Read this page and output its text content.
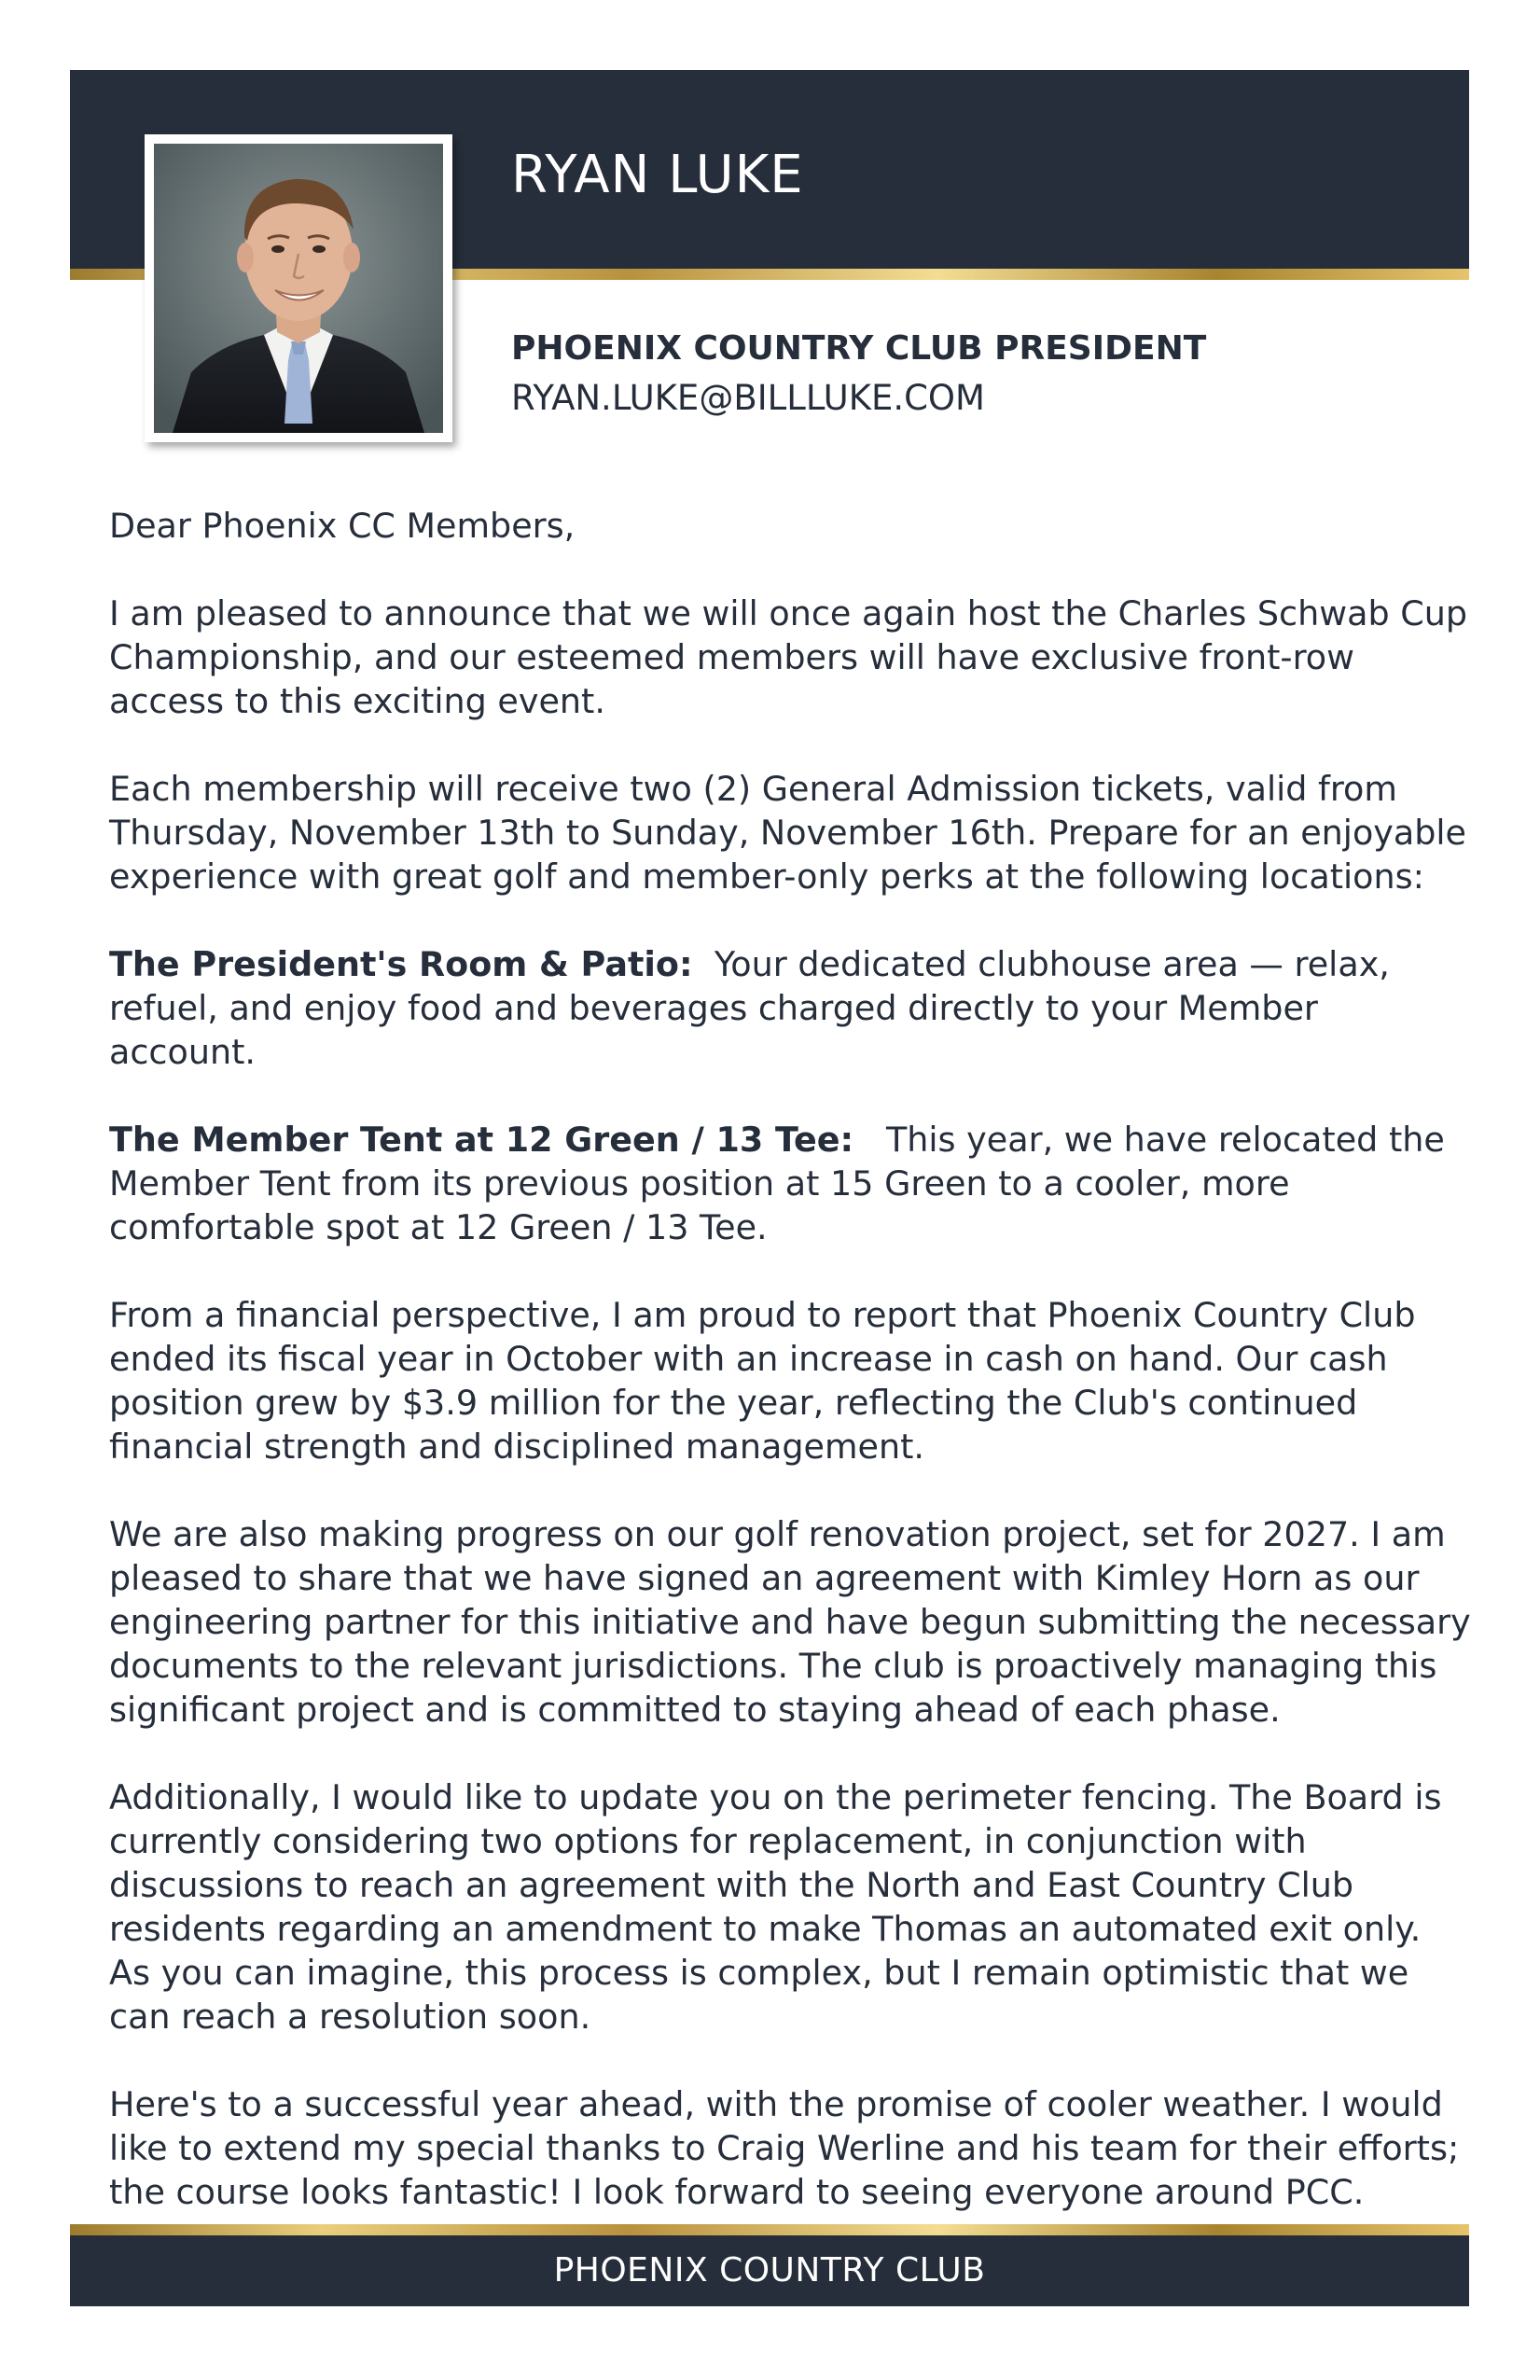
RYAN LUKE
PHOENIX COUNTRY CLUB PRESIDENT
RYAN.LUKE@BILLLUKE.COM

Dear Phoenix CC Members,

I am pleased to announce that we will once again host the Charles Schwab Cup Championship, and our esteemed members will have exclusive front-row access to this exciting event.

Each membership will receive two (2) General Admission tickets, valid from Thursday, November 13th to Sunday, November 16th. Prepare for an enjoyable experience with great golf and member-only perks at the following locations:

The President's Room & Patio: Your dedicated clubhouse area — relax, refuel, and enjoy food and beverages charged directly to your Member account.

The Member Tent at 12 Green / 13 Tee: This year, we have relocated the Member Tent from its previous position at 15 Green to a cooler, more comfortable spot at 12 Green / 13 Tee.

From a financial perspective, I am proud to report that Phoenix Country Club ended its fiscal year in October with an increase in cash on hand. Our cash position grew by $3.9 million for the year, reflecting the Club's continued financial strength and disciplined management.

We are also making progress on our golf renovation project, set for 2027. I am pleased to share that we have signed an agreement with Kimley Horn as our engineering partner for this initiative and have begun submitting the necessary documents to the relevant jurisdictions. The club is proactively managing this significant project and is committed to staying ahead of each phase.

Additionally, I would like to update you on the perimeter fencing. The Board is currently considering two options for replacement, in conjunction with discussions to reach an agreement with the North and East Country Club residents regarding an amendment to make Thomas an automated exit only. As you can imagine, this process is complex, but I remain optimistic that we can reach a resolution soon.

Here's to a successful year ahead, with the promise of cooler weather. I would like to extend my special thanks to Craig Werline and his team for their efforts; the course looks fantastic! I look forward to seeing everyone around PCC.

PHOENIX COUNTRY CLUB
